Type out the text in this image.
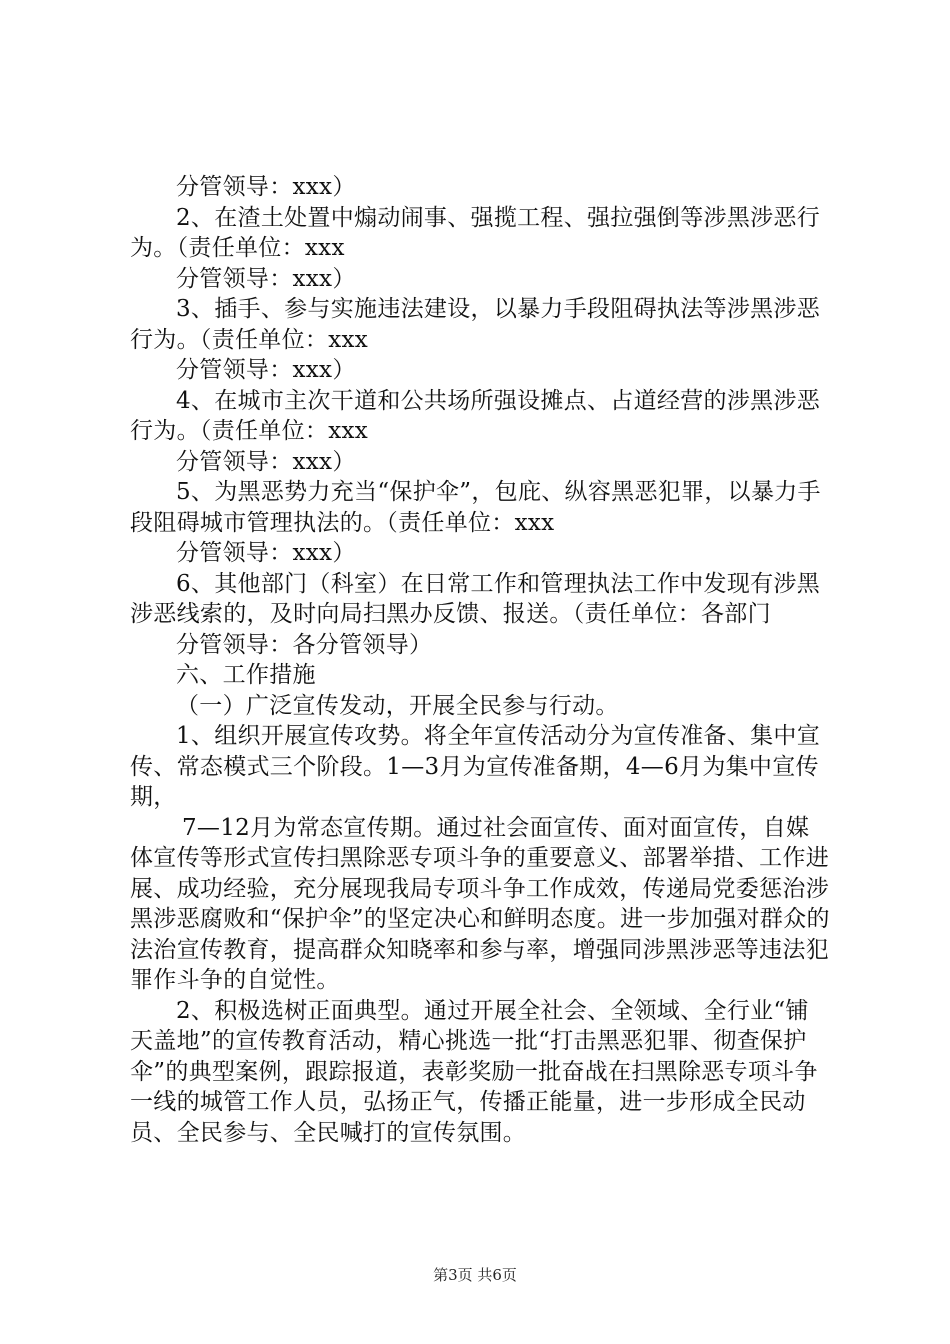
分管领导：xxx）

2、在渣土处置中煽动闹事、强揽工程、强拉强倒等涉黑涉恶行为。（责任单位：xxx

分管领导：xxx）

3、插手、参与实施违法建设，以暴力手段阻碍执法等涉黑涉恶行为。（责任单位：xxx

分管领导：xxx）

4、在城市主次干道和公共场所强设摊点、占道经营的涉黑涉恶行为。（责任单位：xxx

分管领导：xxx）

5、为黑恶势力充当“保护伞”，包庇、纵容黑恶犯罪，以暴力手段阻碍城市管理执法的。（责任单位：xxx

分管领导：xxx）

6、其他部门（科室）在日常工作和管理执法工作中发现有涉黑涉恶线索的，及时向局扫黑办反馈、报送。（责任单位：各部门

分管领导：各分管领导）

六、工作措施

（一）广泛宣传发动，开展全民参与行动。

1、组织开展宣传攻势。将全年宣传活动分为宣传准备、集中宣传、常态模式三个阶段。1—3月为宣传准备期，4—6月为集中宣传期，

7—12月为常态宣传期。通过社会面宣传、面对面宣传，自媒体宣传等形式宣传扫黑除恶专项斗争的重要意义、部署举措、工作进展、成功经验，充分展现我局专项斗争工作成效，传递局党委惩治涉黑涉恶腐败和“保护伞”的坚定决心和鲜明态度。进一步加强对群众的法治宣传教育，提高群众知晓率和参与率，增强同涉黑涉恶等违法犯罪作斗争的自觉性。

2、积极选树正面典型。通过开展全社会、全领域、全行业“铺天盖地”的宣传教育活动，精心挑选一批“打击黑恶犯罪、彻查保护伞”的典型案例，跟踪报道，表彰奖励一批奋战在扫黑除恶专项斗争一线的城管工作人员，弘扬正气，传播正能量，进一步形成全民动员、全民参与、全民喊打的宣传氛围。

第3页 共6页
